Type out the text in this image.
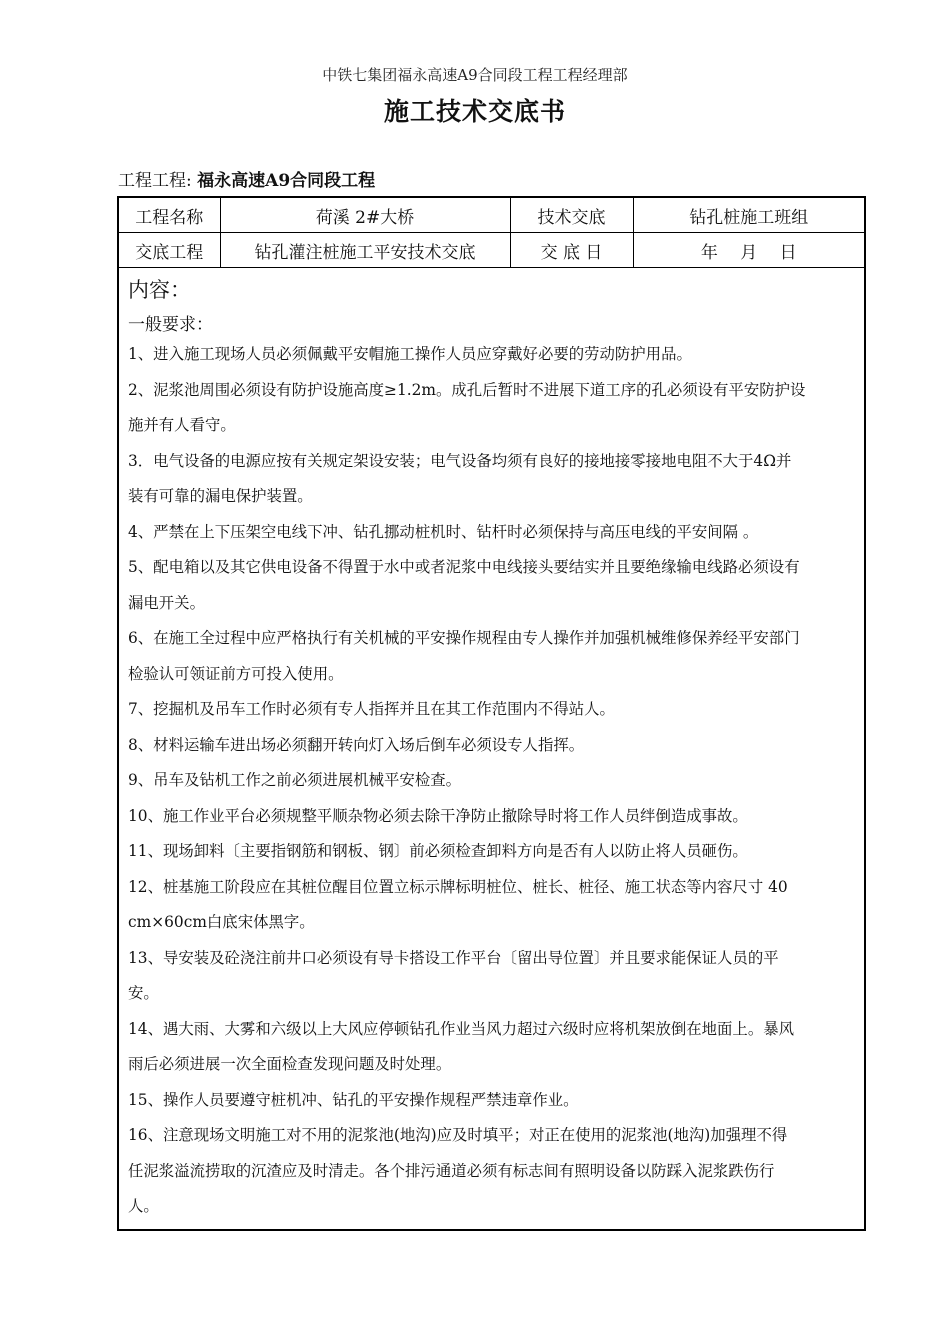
中铁七集团福永高速A9合同段工程工程经理部
施工技术交底书
工程工程: 福永高速A9合同段工程
工程名称	荷溪 2#大桥	技术交底	钻孔桩施工班组
交底工程	钻孔灌注桩施工平安技术交底	交 底 日	年　 月　 日
内容：
一般要求：
1、进入施工现场人员必须佩戴平安帽施工操作人员应穿戴好必要的劳动防护用品。
2、泥浆池周围必须设有防护设施高度≥1.2m。成孔后暂时不进展下道工序的孔必须设有平安防护设
施并有人看守。
3．电气设备的电源应按有关规定架设安装；电气设备均须有良好的接地接零接地电阻不大于4Ω并
装有可靠的漏电保护装置。
4、严禁在上下压架空电线下冲、钻孔挪动桩机时、钻杆时必须保持与高压电线的平安间隔 。
5、配电箱以及其它供电设备不得置于水中或者泥浆中电线接头要结实并且要绝缘输电线路必须设有
漏电开关。
6、在施工全过程中应严格执行有关机械的平安操作规程由专人操作并加强机械维修保养经平安部门
检验认可领证前方可投入使用。
7、挖掘机及吊车工作时必须有专人指挥并且在其工作范围内不得站人。
8、材料运输车进出场必须翻开转向灯入场后倒车必须设专人指挥。
9、吊车及钻机工作之前必须进展机械平安检查。
10、施工作业平台必须规整平顺杂物必须去除干净防止撤除导时将工作人员绊倒造成事故。
11、现场卸料〔主要指钢筋和钢板、钢〕前必须检查卸料方向是否有人以防止将人员砸伤。
12、桩基施工阶段应在其桩位醒目位置立标示牌标明桩位、桩长、桩径、施工状态等内容尺寸 40
cm×60cm白底宋体黑字。
13、导安装及砼浇注前井口必须设有导卡搭设工作平台〔留出导位置〕并且要求能保证人员的平
安。
14、遇大雨、大雾和六级以上大风应停顿钻孔作业当风力超过六级时应将机架放倒在地面上。暴风
雨后必须进展一次全面检查发现问题及时处理。
15、操作人员要遵守桩机冲、钻孔的平安操作规程严禁违章作业。
16、注意现场文明施工对不用的泥浆池(地沟)应及时填平；对正在使用的泥浆池(地沟)加强理不得
任泥浆溢流捞取的沉渣应及时清走。各个排污通道必须有标志间有照明设备以防踩入泥浆跌伤行
人。
